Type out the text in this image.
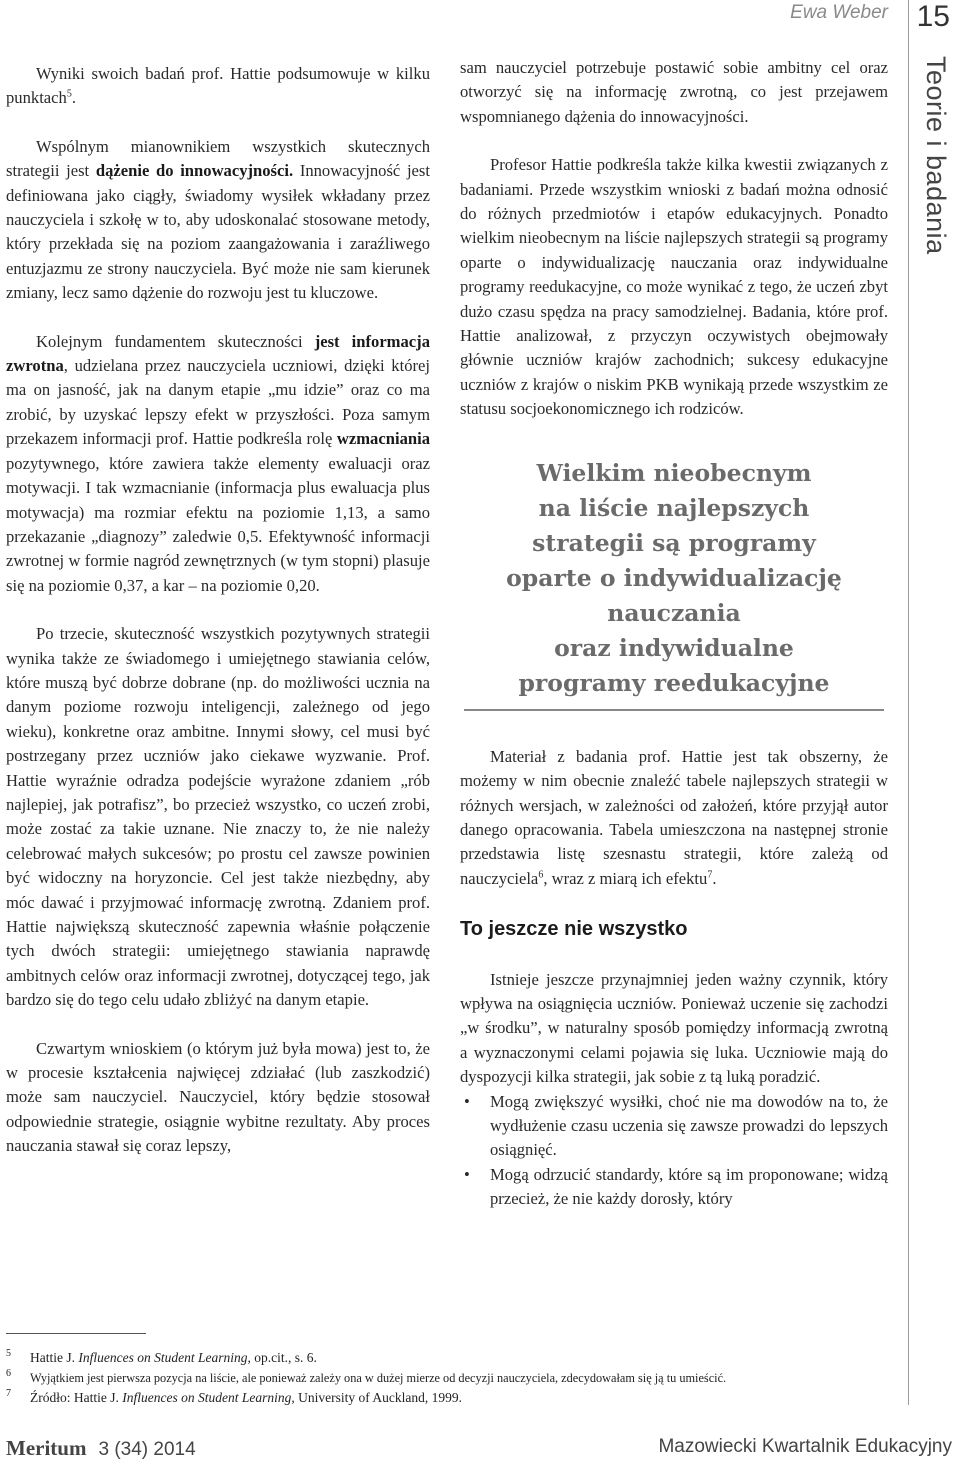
Ewa Weber 15
Teorie i badania

Wyniki swoich badań prof. Hattie podsumowuje w kilku punktach$^5$.

Wspólnym mianownikiem wszystkich skutecznych strategii jest dążenie do innowacyjności. Innowacyjność jest definiowana jako ciągły, świadomy wysiłek wkładany przez nauczyciela i szkołę w to, aby udoskonalać stosowane metody, który przekłada się na poziom zaangażowania i zaraźliwego entuzjazmu ze strony nauczyciela. Być może nie sam kierunek zmiany, lecz samo dążenie do rozwoju jest tu kluczowe.

Kolejnym fundamentem skuteczności jest informacja zwrotna, udzielana przez nauczyciela uczniowi, dzięki której ma on jasność, jak na danym etapie „mu idzie” oraz co ma zrobić, by uzyskać lepszy efekt w przyszłości. Poza samym przekazem informacji prof. Hattie podkreśla rolę wzmacniania pozytywnego, które zawiera także elementy ewaluacji oraz motywacji. I tak wzmacnianie (informacja plus ewaluacja plus motywacja) ma rozmiar efektu na poziomie 1,13, a samo przekazanie „diagnozy” zaledwie 0,5. Efektywność informacji zwrotnej w formie nagród zewnętrznych (w tym stopni) plasuje się na poziomie 0,37, a kar – na poziomie 0,20.

Po trzecie, skuteczność wszystkich pozytywnych strategii wynika także ze świadomego i umiejętnego stawiania celów, które muszą być dobrze dobrane (np. do możliwości ucznia na danym poziome rozwoju inteligencji, zależnego od jego wieku), konkretne oraz ambitne. Innymi słowy, cel musi być postrzegany przez uczniów jako ciekawe wyzwanie. Prof. Hattie wyraźnie odradza podejście wyrażone zdaniem „rób najlepiej, jak potrafisz”, bo przecież wszystko, co uczeń zrobi, może zostać za takie uznane. Nie znaczy to, że nie należy celebrować małych sukcesów; po prostu cel zawsze powinien być widoczny na horyzoncie. Cel jest także niezbędny, aby móc dawać i przyjmować informację zwrotną. Zdaniem prof. Hattie największą skuteczność zapewnia właśnie połączenie tych dwóch strategii: umiejętnego stawiania naprawdę ambitnych celów oraz informacji zwrotnej, dotyczącej tego, jak bardzo się do tego celu udało zbliżyć na danym etapie.

Czwartym wnioskiem (o którym już była mowa) jest to, że w procesie kształcenia najwięcej zdziałać (lub zaszkodzić) może sam nauczyciel. Nauczyciel, który będzie stosował odpowiednie strategie, osiągnie wybitne rezultaty. Aby proces nauczania stawał się coraz lepszy,

sam nauczyciel potrzebuje postawić sobie ambitny cel oraz otworzyć się na informację zwrotną, co jest przejawem wspomnianego dążenia do innowacyjności.

Profesor Hattie podkreśla także kilka kwestii związanych z badaniami. Przede wszystkim wnioski z badań można odnosić do różnych przedmiotów i etapów edukacyjnych. Ponadto wielkim nieobecnym na liście najlepszych strategii są programy oparte o indywidualizację nauczania oraz indywidualne programy reedukacyjne, co może wynikać z tego, że uczeń zbyt dużo czasu spędza na pracy samodzielnej. Badania, które prof. Hattie analizował, z przyczyn oczywistych obejmowały głównie uczniów krajów zachodnich; sukcesy edukacyjne uczniów z krajów o niskim PKB wynikają przede wszystkim ze statusu socjoekonomicznego ich rodziców.

Wielkim nieobecnym
na liście najlepszych
strategii są programy
oparte o indywidualizację
nauczania
oraz indywidualne
programy reedukacyjne

Materiał z badania prof. Hattie jest tak obszerny, że możemy w nim obecnie znaleźć tabele najlepszych strategii w różnych wersjach, w zależności od założeń, które przyjął autor danego opracowania. Tabela umieszczona na następnej stronie przedstawia listę szesnastu strategii, które zależą od nauczyciela$^6$, wraz z miarą ich efektu$^7$.

To jeszcze nie wszystko

Istnieje jeszcze przynajmniej jeden ważny czynnik, który wpływa na osiągnięcia uczniów. Ponieważ uczenie się zachodzi „w środku”, w naturalny sposób pomiędzy informacją zwrotną a wyznaczonymi celami pojawia się luka. Uczniowie mają do dyspozycji kilka strategii, jak sobie z tą luką poradzić.

• Mogą zwiększyć wysiłki, choć nie ma dowodów na to, że wydłużenie czasu uczenia się zawsze prowadzi do lepszych osiągnięć.
• Mogą odrzucić standardy, które są im proponowane; widzą przecież, że nie każdy dorosły, który
5 Hattie J. Influences on Student Learning, op.cit., s. 6.
6 Wyjątkiem jest pierwsza pozycja na liście, ale ponieważ zależy ona w dużej mierze od decyzji nauczyciela, zdecydowałam się ją tu umieścić.
7 Źródło: Hattie J. Influences on Student Learning, University of Auckland, 1999.
Meritum 3 (34) 2014	Mazowiecki Kwartalnik Edukacyjny
